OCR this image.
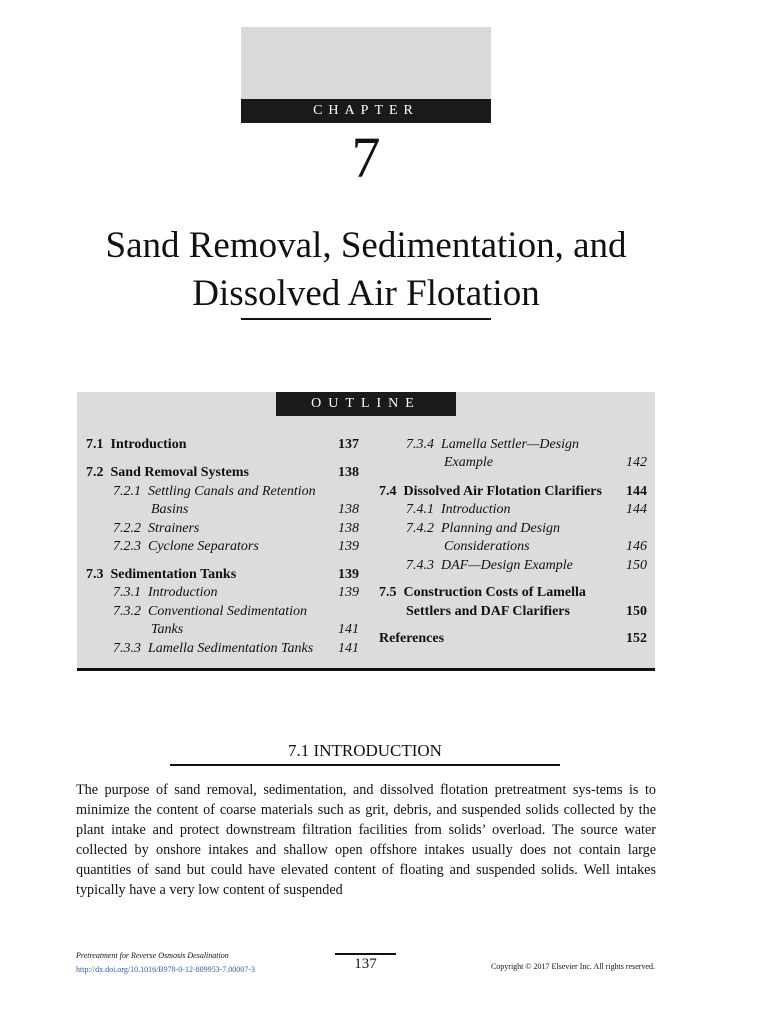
CHAPTER
7
Sand Removal, Sedimentation, and
Dissolved Air Flotation
OUTLINE
7.1 Introduction	137
7.2 Sand Removal Systems	138
7.2.1 Settling Canals and Retention
Basins	138
7.2.2 Strainers	138
7.2.3 Cyclone Separators	139
7.3 Sedimentation Tanks	139
7.3.1 Introduction	139
7.3.2 Conventional Sedimentation
Tanks	141
7.3.3 Lamella Sedimentation Tanks 141
7.3.4 Lamella Settler—Design
Example	142
7.4 Dissolved Air Flotation Clarifiers 144
7.4.1 Introduction	144
7.4.2 Planning and Design
Considerations	146
7.4.3 DAF—Design Example	150
7.5 Construction Costs of Lamella
Settlers and DAF Clarifiers	150
References	152
7.1 INTRODUCTION
The purpose of sand removal, sedimentation, and dissolved flotation pretreatment sys-tems is to minimize the content of coarse materials such as grit, debris, and suspended solids collected by the plant intake and protect downstream filtration facilities from solids’ overload. The source water collected by onshore intakes and shallow open offshore intakes usually does not contain large quantities of sand but could have elevated content of floating and suspended solids. Well intakes typically have a very low content of suspended
Pretreatment for Reverse Osmosis Desalination
http://dx.doi.org/10.1016/B978-0-12-809953-7.00007-3	137	Copyright © 2017 Elsevier Inc. All rights reserved.
